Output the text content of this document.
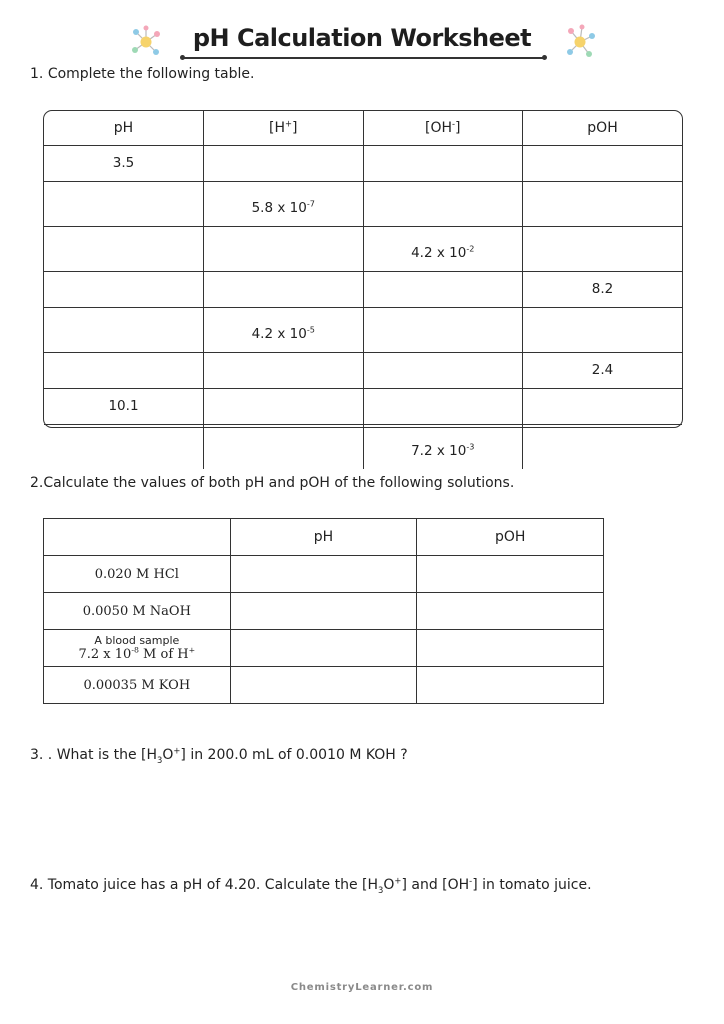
pH Calculation Worksheet
1. Complete the following table.
pH	[H+]	[OH-]	pOH
3.5			
	5.8 x $10^{-7}$		
		4.2 x $10^{-2}$	
			8.2
	4.2 x $10^{-5}$		
			2.4
10.1			
		7.2 x $10^{-3}$	
2.Calculate the values of both pH and pOH of the following solutions.
	pH	pOH
0.020 M HCl		
0.0050 M NaOH		

A blood sample
7.2 x $10^{-8}$ M of H+

0.00035 M KOH		
3. . What is the $[H_3O^+]$ in 200.0 mL of 0.0010 M KOH ?
4. Tomato juice has a pH of 4.20. Calculate the $[H_3O^+]$ and [OH-] in tomato juice.
ChemistryLearner.com
